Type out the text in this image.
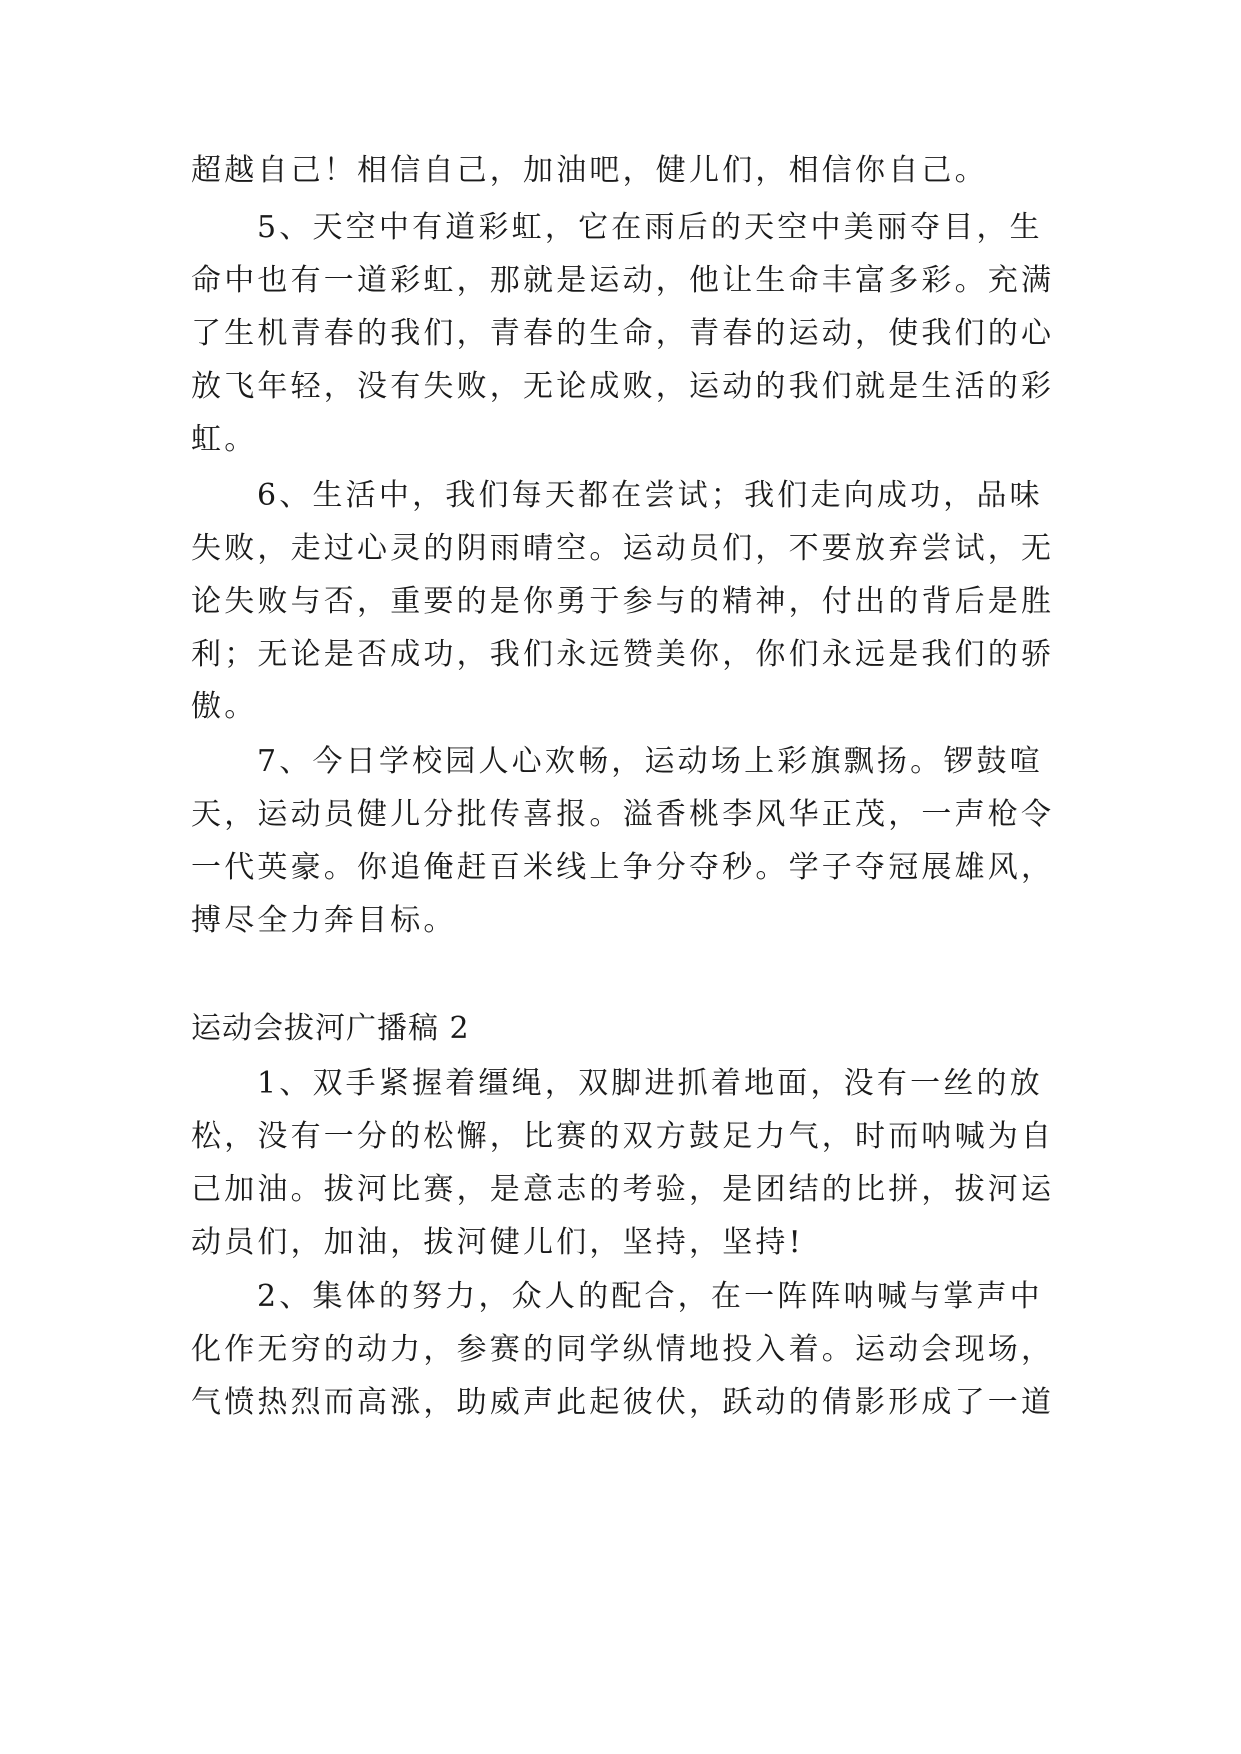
超越自己！相信自己，加油吧，健儿们，相信你自己。
5、天空中有道彩虹，它在雨后的天空中美丽夺目，生
命中也有一道彩虹，那就是运动，他让生命丰富多彩。充满
了生机青春的我们，青春的生命，青春的运动，使我们的心
放飞年轻，没有失败，无论成败，运动的我们就是生活的彩
虹。
6、生活中，我们每天都在尝试；我们走向成功，品味
失败，走过心灵的阴雨晴空。运动员们，不要放弃尝试，无
论失败与否，重要的是你勇于参与的精神，付出的背后是胜
利；无论是否成功，我们永远赞美你，你们永远是我们的骄
傲。
7、今日学校园人心欢畅，运动场上彩旗飘扬。锣鼓喧
天，运动员健儿分批传喜报。溢香桃李风华正茂，一声枪令
一代英豪。你追俺赶百米线上争分夺秒。学子夺冠展雄风，
搏尽全力奔目标。
运动会拔河广播稿 2
1、双手紧握着缰绳，双脚进抓着地面，没有一丝的放
松，没有一分的松懈，比赛的双方鼓足力气，时而呐喊为自
己加油。拔河比赛，是意志的考验，是团结的比拼，拔河运
动员们，加油，拔河健儿们，坚持，坚持!
2、集体的努力，众人的配合，在一阵阵呐喊与掌声中
化作无穷的动力，参赛的同学纵情地投入着。运动会现场，
气愤热烈而高涨，助威声此起彼伏，跃动的倩影形成了一道
